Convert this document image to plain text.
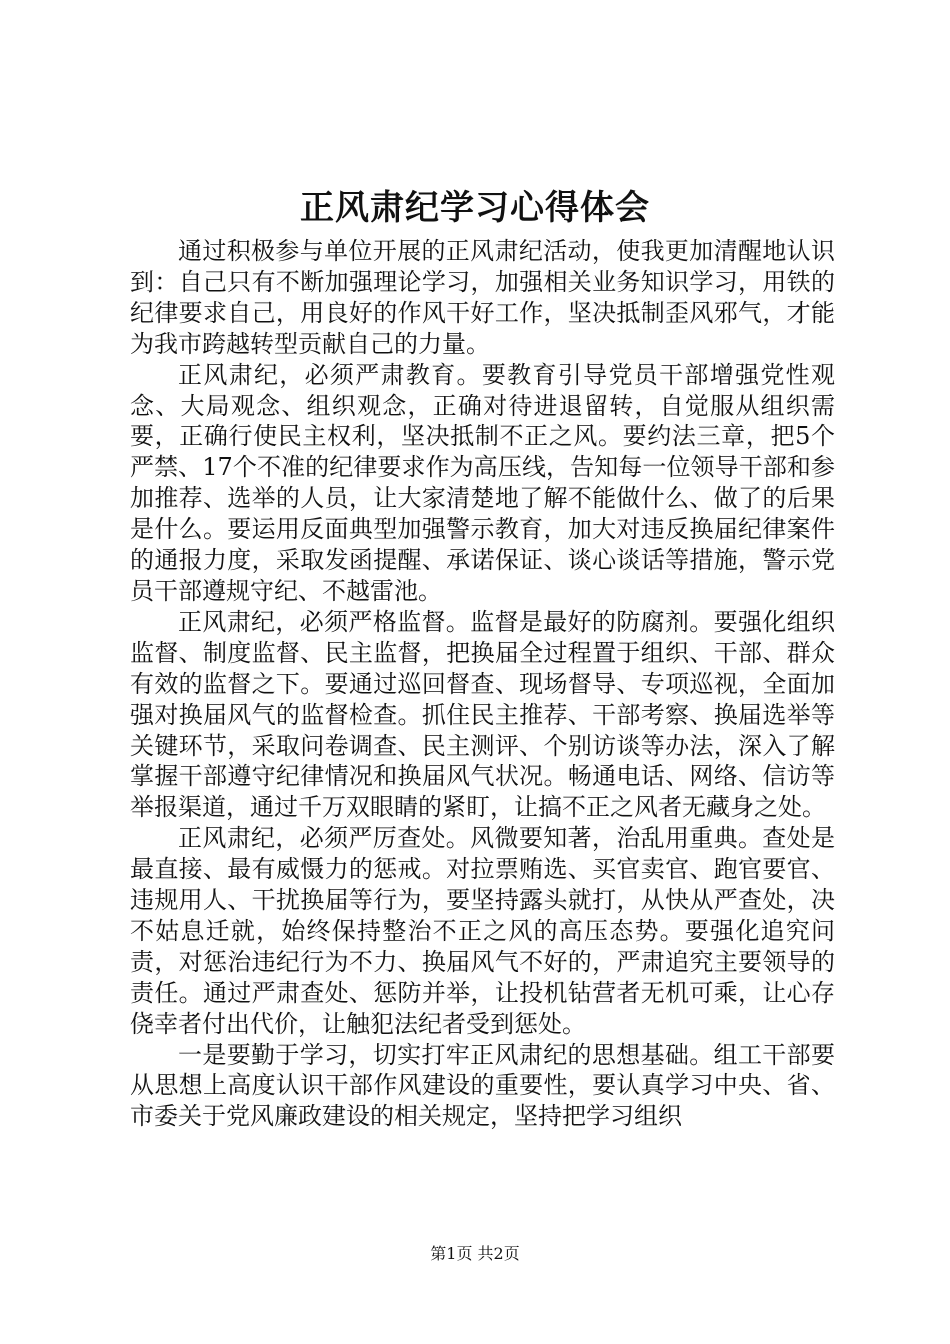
正风肃纪学习心得体会

通过积极参与单位开展的正风肃纪活动，使我更加清醒地认识到：自己只有不断加强理论学习，加强相关业务知识学习，用铁的纪律要求自己，用良好的作风干好工作，坚决抵制歪风邪气，才能为我市跨越转型贡献自己的力量。

正风肃纪，必须严肃教育。要教育引导党员干部增强党性观念、大局观念、组织观念，正确对待进退留转，自觉服从组织需要，正确行使民主权利，坚决抵制不正之风。要约法三章，把5个严禁、17个不准的纪律要求作为高压线，告知每一位领导干部和参加推荐、选举的人员，让大家清楚地了解不能做什么、做了的后果是什么。要运用反面典型加强警示教育，加大对违反换届纪律案件的通报力度，采取发函提醒、承诺保证、谈心谈话等措施，警示党员干部遵规守纪、不越雷池。

正风肃纪，必须严格监督。监督是最好的防腐剂。要强化组织监督、制度监督、民主监督，把换届全过程置于组织、干部、群众有效的监督之下。要通过巡回督查、现场督导、专项巡视，全面加强对换届风气的监督检查。抓住民主推荐、干部考察、换届选举等关键环节，采取问卷调查、民主测评、个别访谈等办法，深入了解掌握干部遵守纪律情况和换届风气状况。畅通电话、网络、信访等举报渠道，通过千万双眼睛的紧盯，让搞不正之风者无藏身之处。

正风肃纪，必须严厉查处。风微要知著，治乱用重典。查处是最直接、最有威慑力的惩戒。对拉票贿选、买官卖官、跑官要官、违规用人、干扰换届等行为，要坚持露头就打，从快从严查处，决不姑息迁就，始终保持整治不正之风的高压态势。要强化追究问责，对惩治违纪行为不力、换届风气不好的，严肃追究主要领导的责任。通过严肃查处、惩防并举，让投机钻营者无机可乘，让心存侥幸者付出代价，让触犯法纪者受到惩处。

一是要勤于学习，切实打牢正风肃纪的思想基础。组工干部要从思想上高度认识干部作风建设的重要性，要认真学习中央、省、市委关于党风廉政建设的相关规定，坚持把学习组织

第1页 共2页
